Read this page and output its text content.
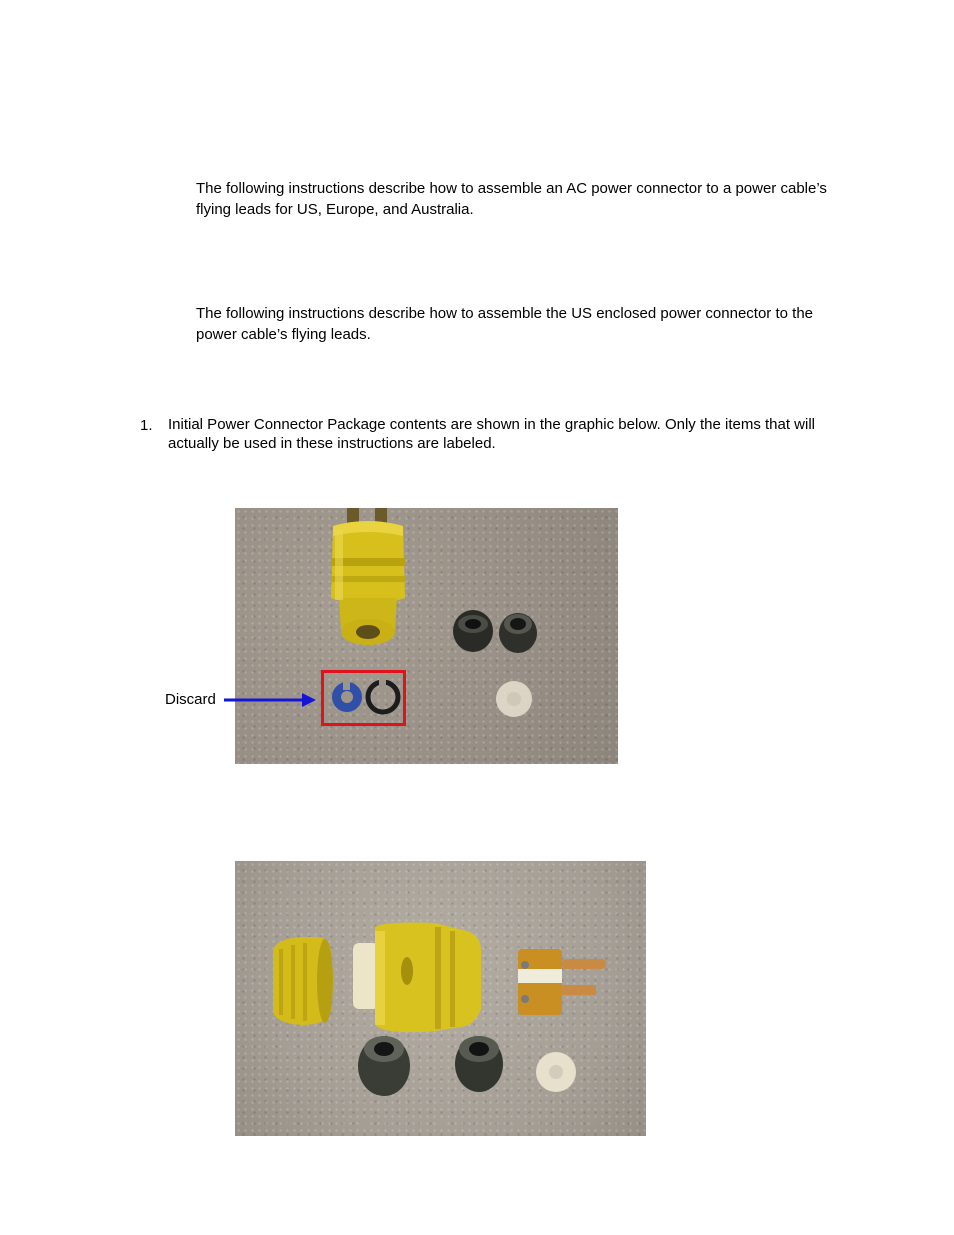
The following instructions describe how to assemble an AC power connector to a power cable’s flying leads for US, Europe, and Australia.

The following instructions describe how to assemble the US enclosed power connector to the power cable’s flying leads.

1. Initial Power Connector Package contents are shown in the graphic below. Only the items that will actually be used in these instructions are labeled.
Discard
